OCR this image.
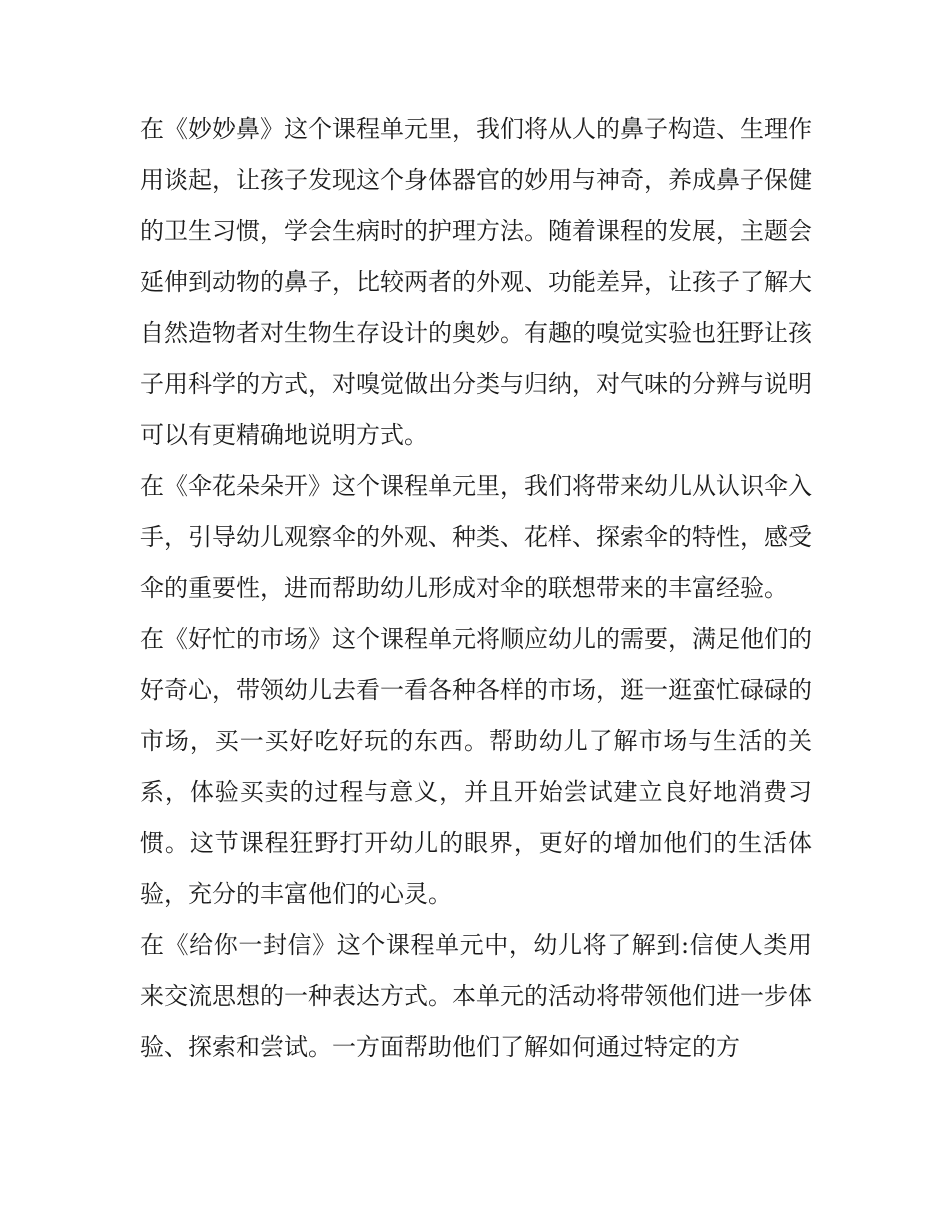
在《妙妙鼻》这个课程单元里，我们将从人的鼻子构造、生理作用谈起，让孩子发现这个身体器官的妙用与神奇，养成鼻子保健的卫生习惯，学会生病时的护理方法。随着课程的发展，主题会延伸到动物的鼻子，比较两者的外观、功能差异，让孩子了解大自然造物者对生物生存设计的奥妙。有趣的嗅觉实验也狂野让孩子用科学的方式，对嗅觉做出分类与归纳，对气味的分辨与说明可以有更精确地说明方式。

在《伞花朵朵开》这个课程单元里，我们将带来幼儿从认识伞入手，引导幼儿观察伞的外观、种类、花样、探索伞的特性，感受伞的重要性，进而帮助幼儿形成对伞的联想带来的丰富经验。

在《好忙的市场》这个课程单元将顺应幼儿的需要，满足他们的好奇心，带领幼儿去看一看各种各样的市场，逛一逛蛮忙碌碌的市场，买一买好吃好玩的东西。帮助幼儿了解市场与生活的关系，体验买卖的过程与意义，并且开始尝试建立良好地消费习惯。这节课程狂野打开幼儿的眼界，更好的增加他们的生活体验，充分的丰富他们的心灵。

在《给你一封信》这个课程单元中，幼儿将了解到:信使人类用来交流思想的一种表达方式。本单元的活动将带领他们进一步体验、探索和尝试。一方面帮助他们了解如何通过特定的方
